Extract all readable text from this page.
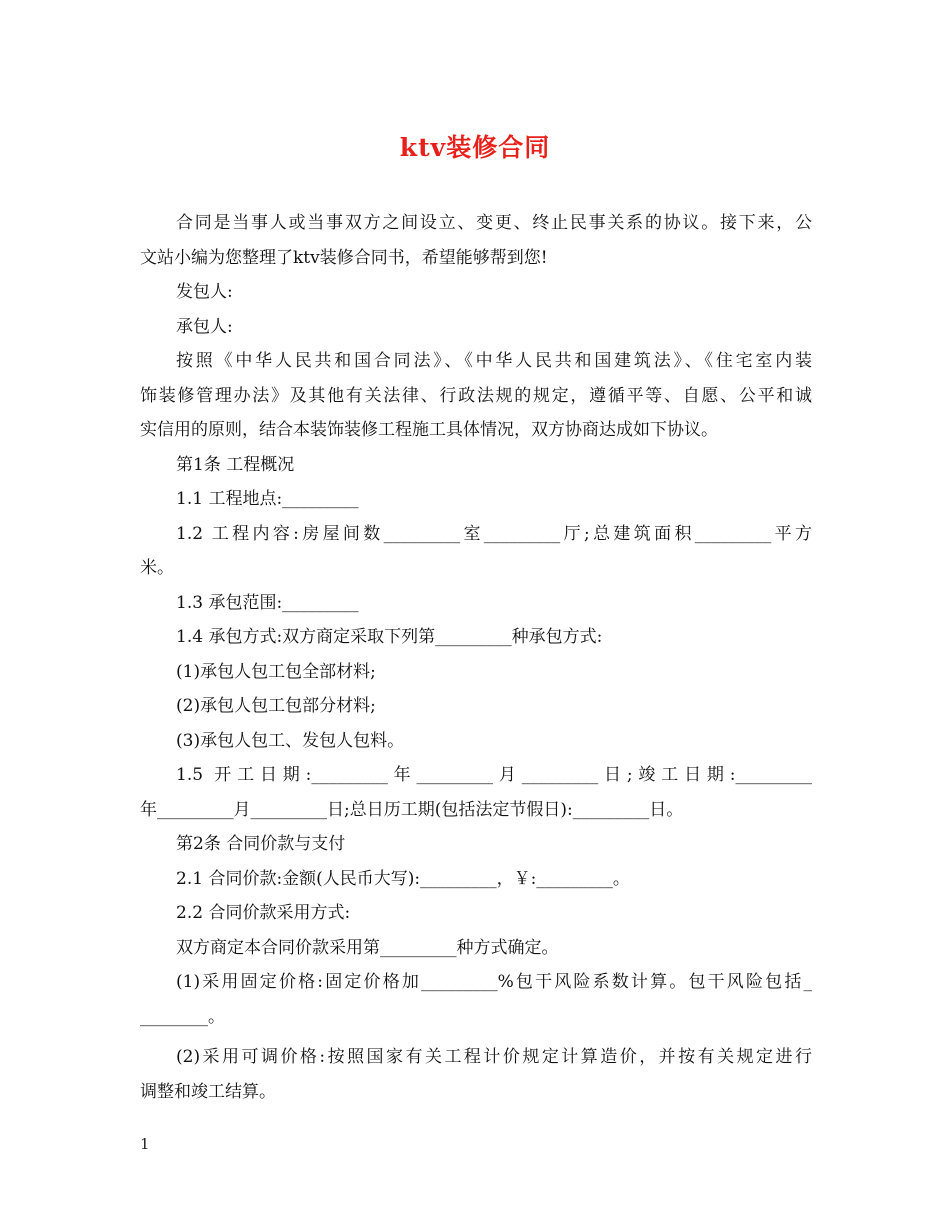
ktv装修合同

合同是当事人或当事双方之间设立、变更、终止民事关系的协议。接下来，公

文站小编为您整理了ktv装修合同书，希望能够帮到您!

发包人:

承包人:

按照《中华人民共和国合同法》、《中华人民共和国建筑法》、《住宅室内装

饰装修管理办法》及其他有关法律、行政法规的规定，遵循平等、自愿、公平和诚

实信用的原则，结合本装饰装修工程施工具体情况，双方协商达成如下协议。

第1条 工程概况

1.1 工程地点:_________

1.2 工程内容:房屋间数_________室_________厅;总建筑面积_________平方

米。

1.3 承包范围:_________

1.4 承包方式:双方商定采取下列第_________种承包方式:

(1)承包人包工包全部材料;

(2)承包人包工包部分材料;

(3)承包人包工、发包人包料。

1.5 开工日期:_________年_________月_________日;竣工日期:_________

年_________月_________日;总日历工期(包括法定节假日):_________日。

第2条 合同价款与支付

2.1 合同价款:金额(人民币大写):_________，￥:_________。

2.2 合同价款采用方式:

双方商定本合同价款采用第_________种方式确定。

(1)采用固定价格:固定价格加_________%包干风险系数计算。包干风险包括_

________。

(2)采用可调价格:按照国家有关工程计价规定计算造价，并按有关规定进行

调整和竣工结算。

1
